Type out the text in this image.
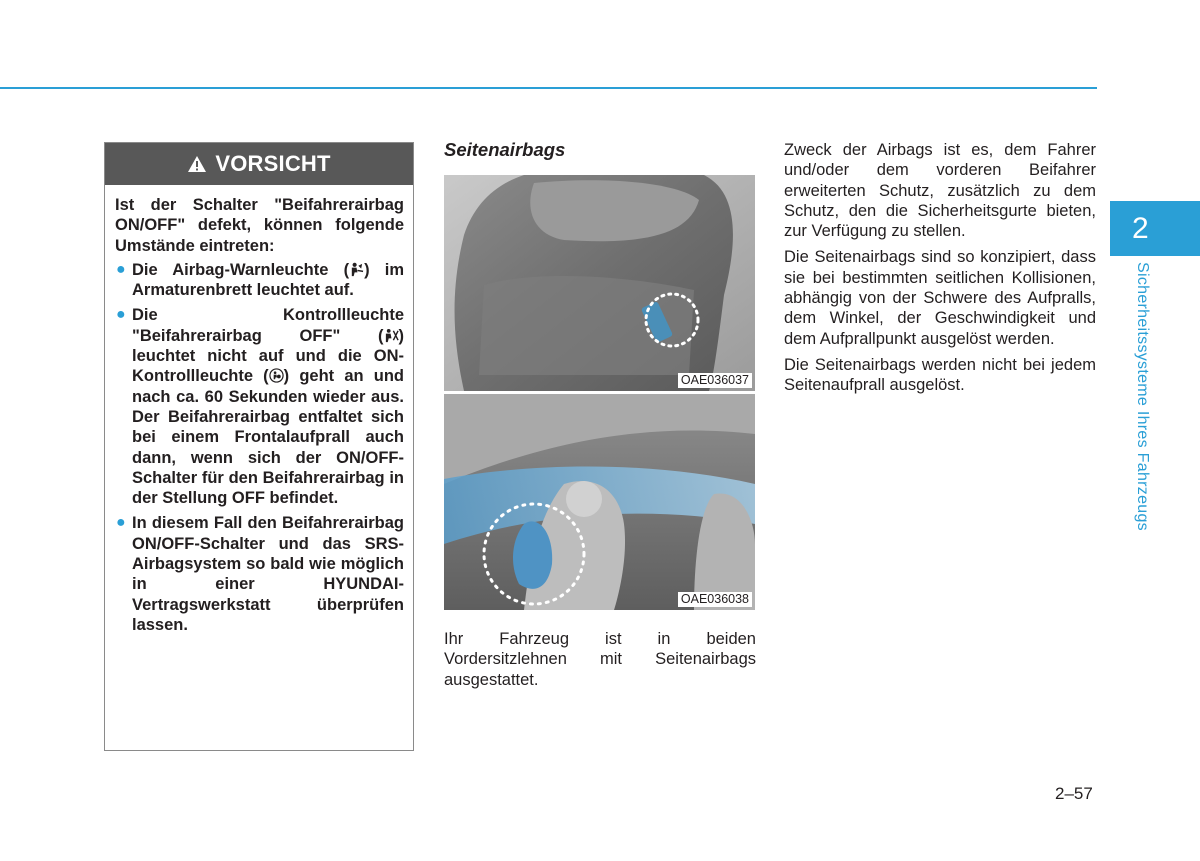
VORSICHT

Ist der Schalter "Beifahrerairbag ON/OFF" defekt, können folgende Umstände eintreten:

● Die Airbag-Warnleuchte ( ) im Armaturenbrett leuchtet auf.
● Die Kontrollleuchte "Beifahrerairbag OFF" ( ) leuchtet nicht auf und die ON-Kontrollleuchte ( ) geht an und nach ca. 60 Sekunden wieder aus. Der Beifahrerairbag entfaltet sich bei einem Frontalaufprall auch dann, wenn sich der ON/OFF-Schalter für den Beifahrerairbag in der Stellung OFF befindet.
● In diesem Fall den Beifahrerairbag ON/OFF-Schalter und das SRS-Airbagsystem so bald wie möglich in einer HYUNDAI-Vertragswerkstatt überprüfen lassen.
Seitenairbags
OAE036037
OAE036038
Ihr Fahrzeug ist in beiden Vordersitzlehnen mit Seitenairbags ausgestattet.

Zweck der Airbags ist es, dem Fahrer und/oder dem vorderen Beifahrer erweiterten Schutz, zusätzlich zu dem Schutz, den die Sicherheitsgurte bieten, zur Verfügung zu stellen.

Die Seitenairbags sind so konzipiert, dass sie bei bestimmten seitlichen Kollisionen, abhängig von der Schwere des Aufpralls, dem Winkel, der Geschwindigkeit und dem Aufprallpunkt ausgelöst werden.

Die Seitenairbags werden nicht bei jedem Seitenaufprall ausgelöst.

2
Sicherheitssysteme Ihres Fahrzeugs
2–57
